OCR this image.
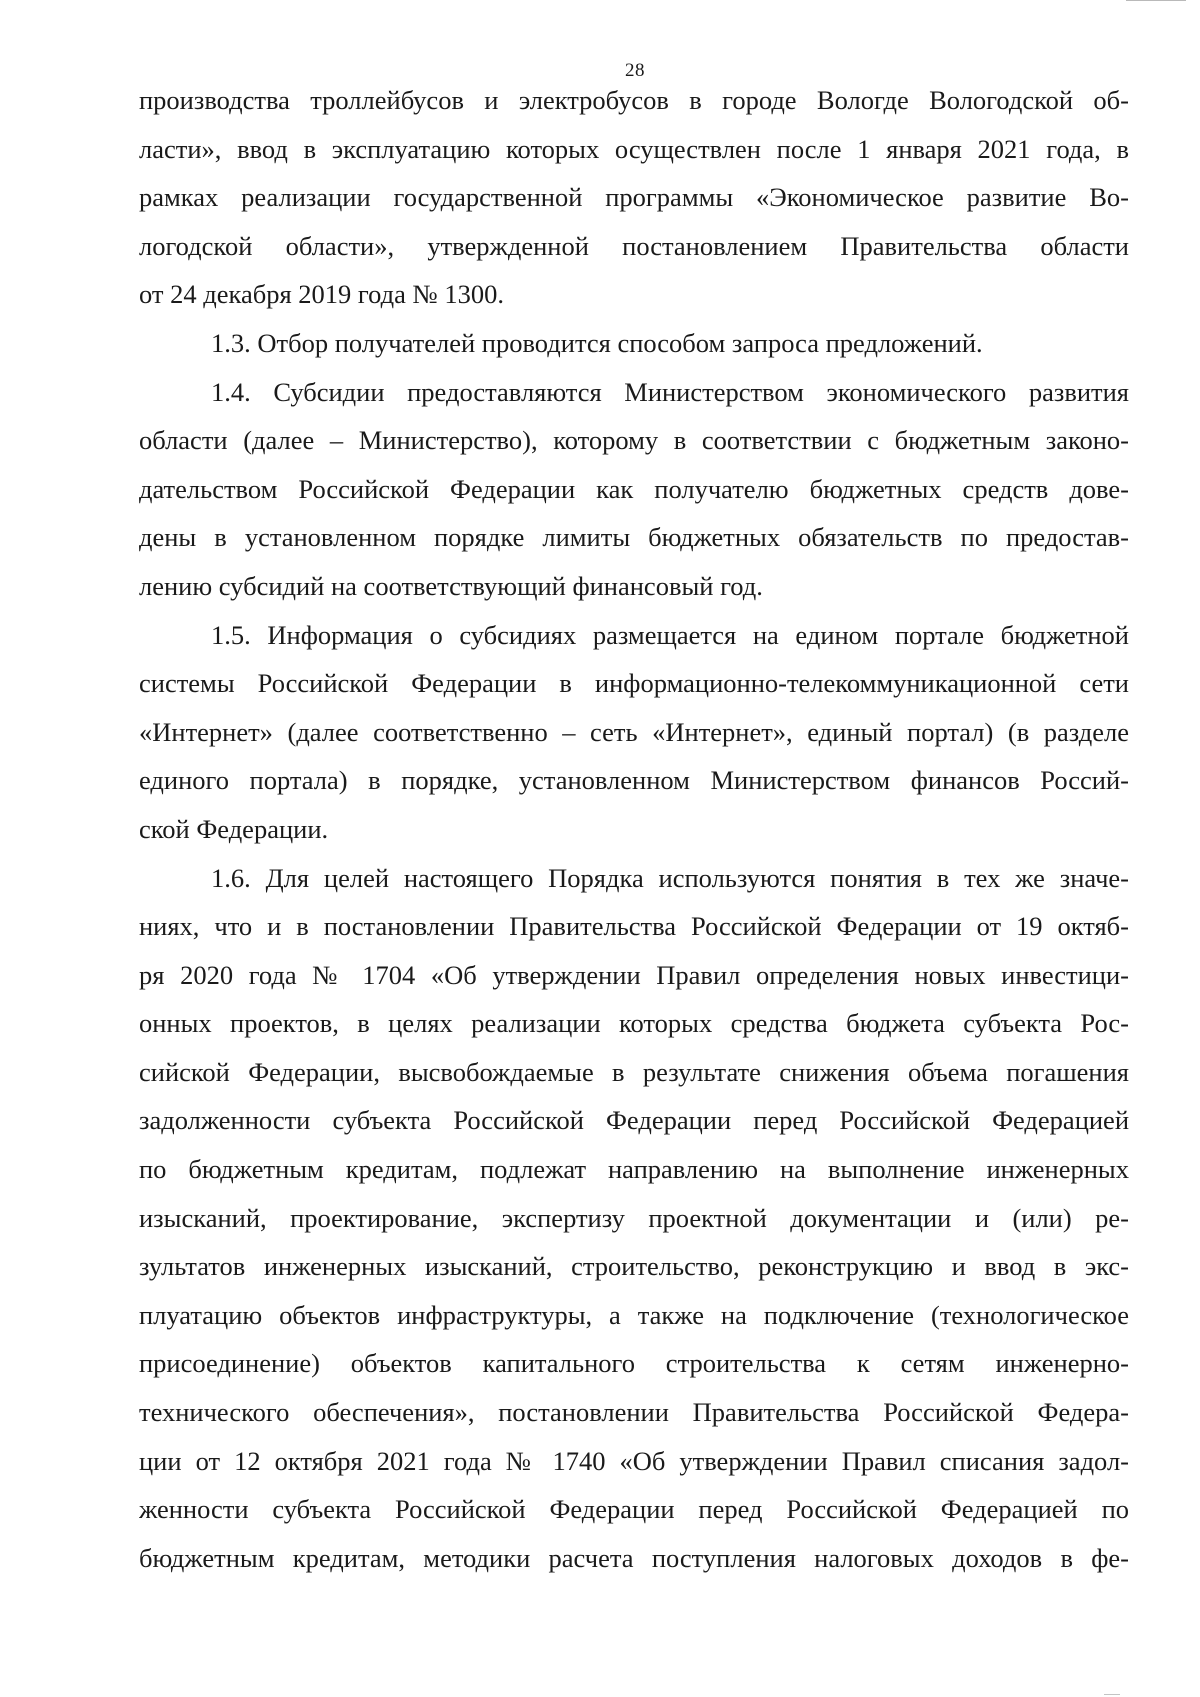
28
производства троллейбусов и электробусов в городе Вологде Вологодской об-
ласти», ввод в эксплуатацию которых осуществлен после 1 января 2021 года, в
рамках реализации государственной программы «Экономическое развитие Во-
логодской области», утвержденной постановлением Правительства области
от 24 декабря 2019 года № 1300.
1.3. Отбор получателей проводится способом запроса предложений.
1.4. Субсидии предоставляются Министерством экономического развития
области (далее – Министерство), которому в соответствии с бюджетным законо-
дательством Российской Федерации как получателю бюджетных средств дове-
дены в установленном порядке лимиты бюджетных обязательств по предостав-
лению субсидий на соответствующий финансовый год.
1.5. Информация о субсидиях размещается на едином портале бюджетной
системы Российской Федерации в информационно-телекоммуникационной сети
«Интернет» (далее соответственно – сеть «Интернет», единый портал) (в разделе
единого портала) в порядке, установленном Министерством финансов Россий-
ской Федерации.
1.6. Для целей настоящего Порядка используются понятия в тех же значе-
ниях, что и в постановлении Правительства Российской Федерации от 19 октяб-
ря 2020 года № 1704 «Об утверждении Правил определения новых инвестици-
онных проектов, в целях реализации которых средства бюджета субъекта Рос-
сийской Федерации, высвобождаемые в результате снижения объема погашения
задолженности субъекта Российской Федерации перед Российской Федерацией
по бюджетным кредитам, подлежат направлению на выполнение инженерных
изысканий, проектирование, экспертизу проектной документации и (или) ре-
зультатов инженерных изысканий, строительство, реконструкцию и ввод в экс-
плуатацию объектов инфраструктуры, а также на подключение (технологическое
присоединение) объектов капитального строительства к сетям инженерно-
технического обеспечения», постановлении Правительства Российской Федера-
ции от 12 октября 2021 года № 1740 «Об утверждении Правил списания задол-
женности субъекта Российской Федерации перед Российской Федерацией по
бюджетным кредитам, методики расчета поступления налоговых доходов в фе-
